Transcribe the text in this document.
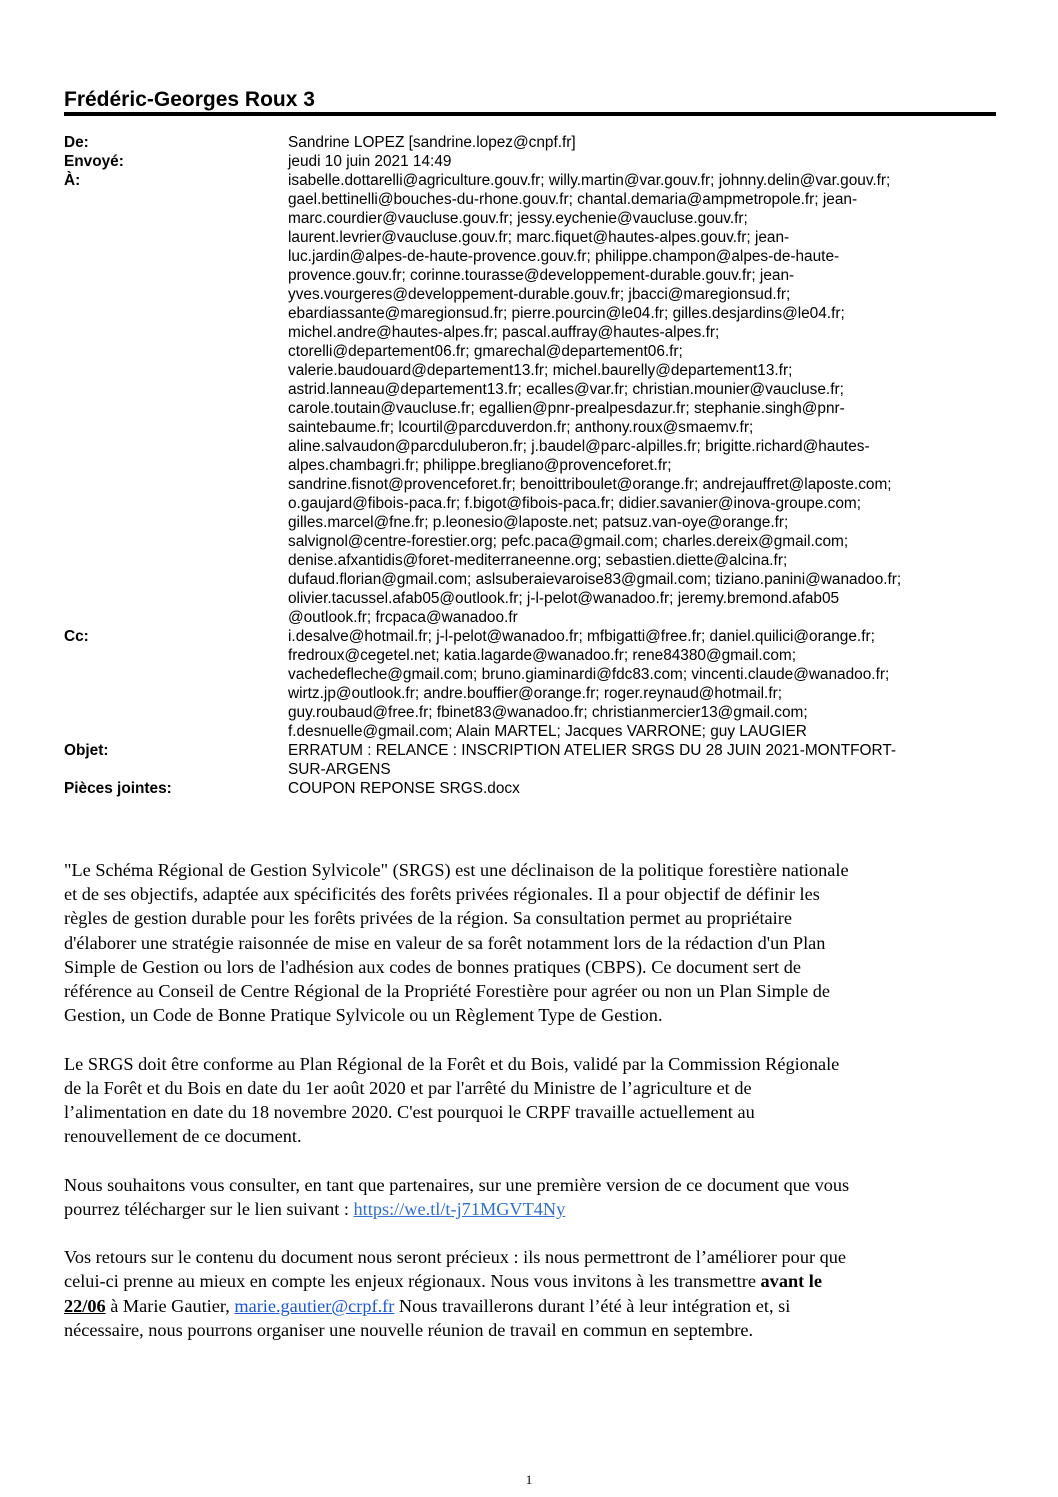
Frédéric-Georges Roux 3
De:	Sandrine LOPEZ [sandrine.lopez@cnpf.fr]
Envoyé:	jeudi 10 juin 2021 14:49
À:	isabelle.dottarelli@agriculture.gouv.fr; willy.martin@var.gouv.fr; johnny.delin@var.gouv.fr;
gael.bettinelli@bouches-du-rhone.gouv.fr; chantal.demaria@ampmetropole.fr; jean-
marc.courdier@vaucluse.gouv.fr; jessy.eychenie@vaucluse.gouv.fr;
laurent.levrier@vaucluse.gouv.fr; marc.fiquet@hautes-alpes.gouv.fr; jean-
luc.jardin@alpes-de-haute-provence.gouv.fr; philippe.champon@alpes-de-haute-
provence.gouv.fr; corinne.tourasse@developpement-durable.gouv.fr; jean-
yves.vourgeres@developpement-durable.gouv.fr; jbacci@maregionsud.fr;
ebardiassante@maregionsud.fr; pierre.pourcin@le04.fr; gilles.desjardins@le04.fr;
michel.andre@hautes-alpes.fr; pascal.auffray@hautes-alpes.fr;
ctorelli@departement06.fr; gmarechal@departement06.fr;
valerie.baudouard@departement13.fr; michel.baurelly@departement13.fr;
astrid.lanneau@departement13.fr; ecalles@var.fr; christian.mounier@vaucluse.fr;
carole.toutain@vaucluse.fr; egallien@pnr-prealpesdazur.fr; stephanie.singh@pnr-
saintebaume.fr; lcourtil@parcduverdon.fr; anthony.roux@smaemv.fr;
aline.salvaudon@parcduluberon.fr; j.baudel@parc-alpilles.fr; brigitte.richard@hautes-
alpes.chambagri.fr; philippe.bregliano@provenceforet.fr;
sandrine.fisnot@provenceforet.fr; benoittriboulet@orange.fr; andrejauffret@laposte.com;
o.gaujard@fibois-paca.fr; f.bigot@fibois-paca.fr; didier.savanier@inova-groupe.com;
gilles.marcel@fne.fr; p.leonesio@laposte.net; patsuz.van-oye@orange.fr;
salvignol@centre-forestier.org; pefc.paca@gmail.com; charles.dereix@gmail.com;
denise.afxantidis@foret-mediterraneenne.org; sebastien.diette@alcina.fr;
dufaud.florian@gmail.com; aslsuberaievaroise83@gmail.com; tiziano.panini@wanadoo.fr;
olivier.tacussel.afab05@outlook.fr; j-l-pelot@wanadoo.fr; jeremy.bremond.afab05
@outlook.fr; frcpaca@wanadoo.fr
Cc:	i.desalve@hotmail.fr; j-l-pelot@wanadoo.fr; mfbigatti@free.fr; daniel.quilici@orange.fr;
fredroux@cegetel.net; katia.lagarde@wanadoo.fr; rene84380@gmail.com;
vachedefleche@gmail.com; bruno.giaminardi@fdc83.com; vincenti.claude@wanadoo.fr;
wirtz.jp@outlook.fr; andre.bouffier@orange.fr; roger.reynaud@hotmail.fr;
guy.roubaud@free.fr; fbinet83@wanadoo.fr; christianmercier13@gmail.com;
f.desnuelle@gmail.com; Alain MARTEL; Jacques VARRONE; guy LAUGIER
Objet:	ERRATUM : RELANCE : INSCRIPTION ATELIER SRGS DU 28 JUIN 2021-MONTFORT-
SUR-ARGENS
Pièces jointes:	COUPON REPONSE SRGS.docx
"Le Schéma Régional de Gestion Sylvicole" (SRGS) est une déclinaison de la politique forestière nationale
et de ses objectifs, adaptée aux spécificités des forêts privées régionales. Il a pour objectif de définir les
règles de gestion durable pour les forêts privées de la région. Sa consultation permet au propriétaire
d'élaborer une stratégie raisonnée de mise en valeur de sa forêt notamment lors de la rédaction d'un Plan
Simple de Gestion ou lors de l'adhésion aux codes de bonnes pratiques (CBPS). Ce document sert de
référence au Conseil de Centre Régional de la Propriété Forestière pour agréer ou non un Plan Simple de
Gestion, un Code de Bonne Pratique Sylvicole ou un Règlement Type de Gestion.
Le SRGS doit être conforme au Plan Régional de la Forêt et du Bois, validé par la Commission Régionale
de la Forêt et du Bois en date du 1er août 2020 et par l'arrêté du Ministre de l’agriculture et de
l’alimentation en date du 18 novembre 2020. C'est pourquoi le CRPF travaille actuellement au
renouvellement de ce document.
Nous souhaitons vous consulter, en tant que partenaires, sur une première version de ce document que vous
pourrez télécharger sur le lien suivant : https://we.tl/t-j71MGVT4Ny
Vos retours sur le contenu du document nous seront précieux : ils nous permettront de l’améliorer pour que
celui-ci prenne au mieux en compte les enjeux régionaux. Nous vous invitons à les transmettre avant le
22/06 à Marie Gautier, marie.gautier@crpf.fr Nous travaillerons durant l’été à leur intégration et, si
nécessaire, nous pourrons organiser une nouvelle réunion de travail en commun en septembre.
1
